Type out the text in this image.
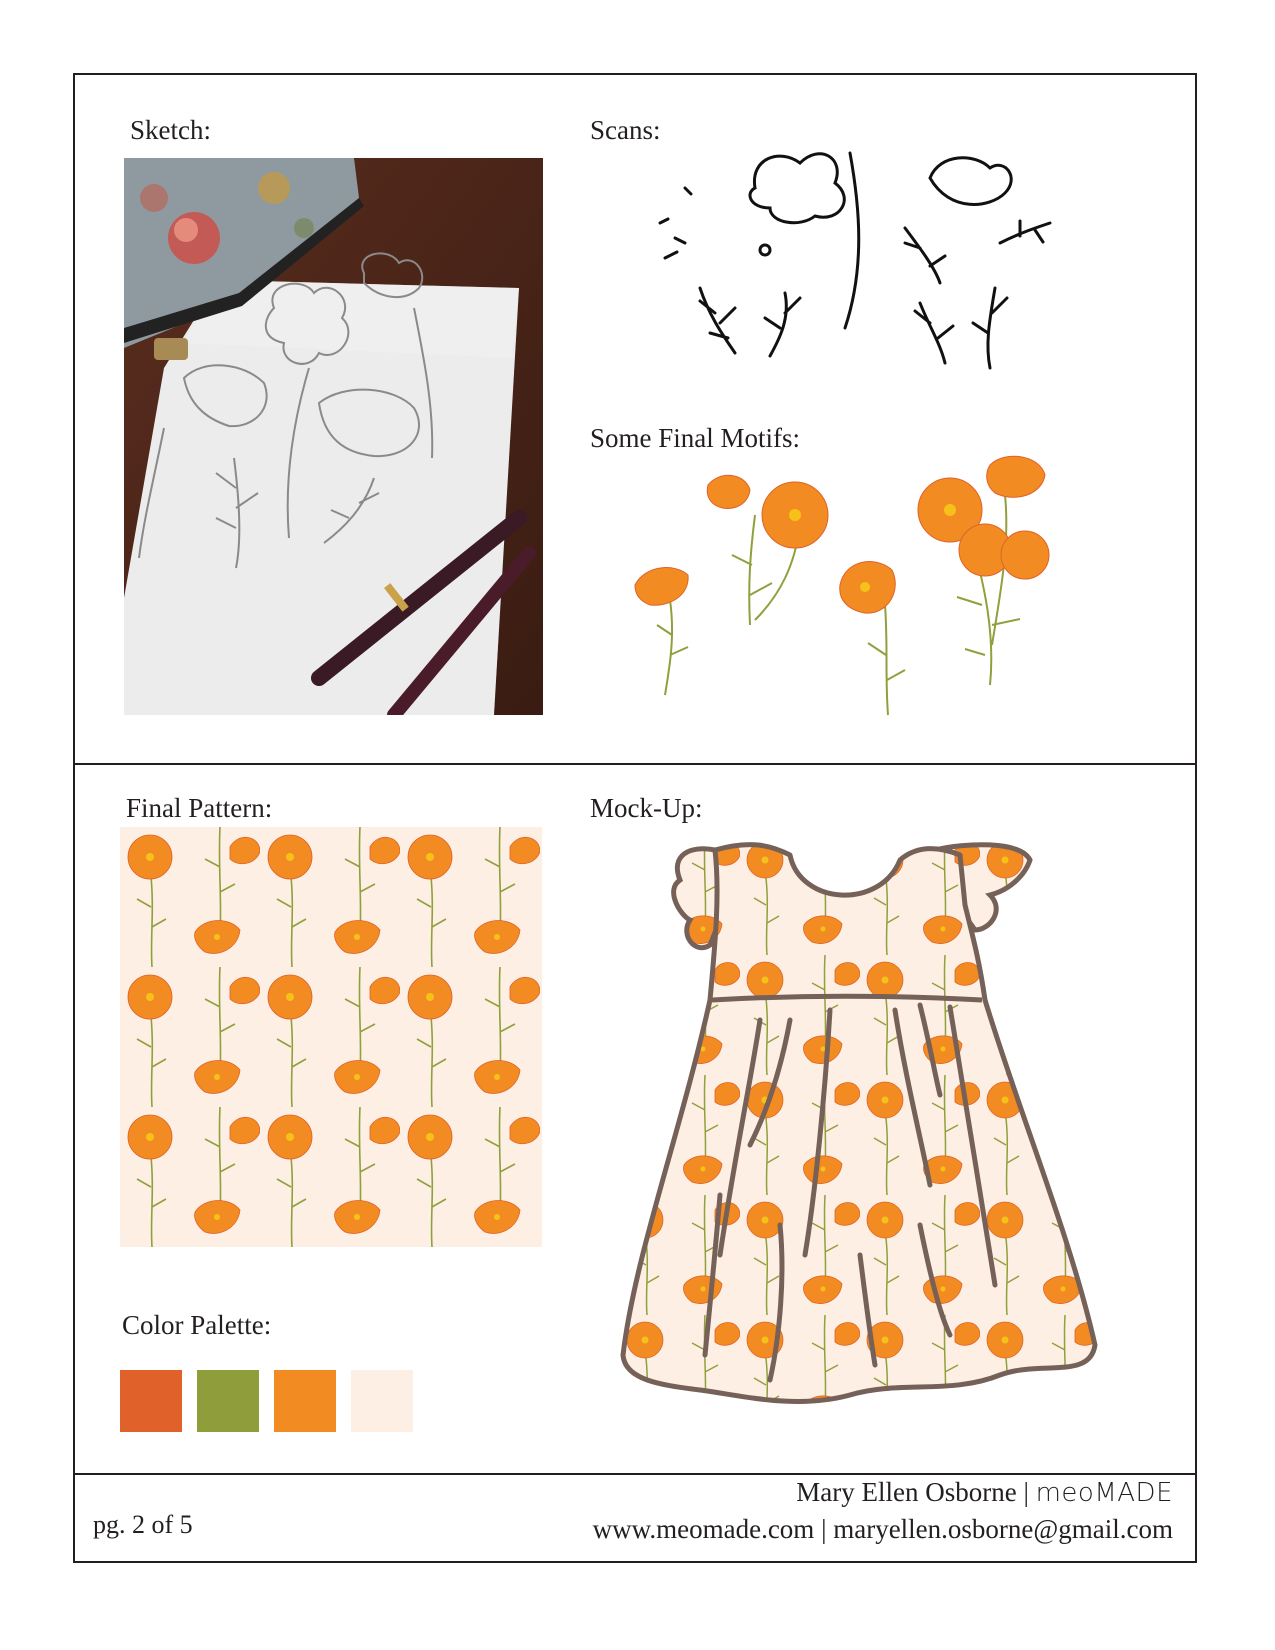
Sketch:	Scans:
Some Final Motifs:
Final Pattern:	Mock-Up:
Color Palette:
pg. 2 of 5
Mary Ellen Osborne | meoMADE
www.meomade.com | maryellen.osborne@gmail.com
